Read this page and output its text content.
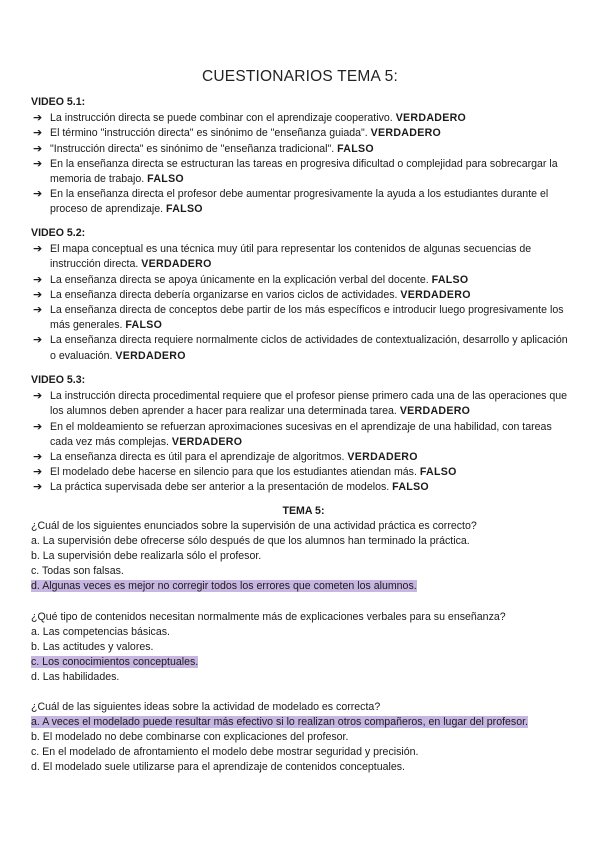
CUESTIONARIOS TEMA 5:
VIDEO 5.1:
➔ La instrucción directa se puede combinar con el aprendizaje cooperativo. VERDADERO
➔ El término "instrucción directa" es sinónimo de "enseñanza guiada". VERDADERO
➔ "Instrucción directa" es sinónimo de "enseñanza tradicional". FALSO
➔ En la enseñanza directa se estructuran las tareas en progresiva dificultad o complejidad para sobrecargar la memoria de trabajo. FALSO
➔ En la enseñanza directa el profesor debe aumentar progresivamente la ayuda a los estudiantes durante el proceso de aprendizaje. FALSO
VIDEO 5.2:
➔ El mapa conceptual es una técnica muy útil para representar los contenidos de algunas secuencias de instrucción directa. VERDADERO
➔ La enseñanza directa se apoya únicamente en la explicación verbal del docente. FALSO
➔ La enseñanza directa debería organizarse en varios ciclos de actividades. VERDADERO
➔ La enseñanza directa de conceptos debe partir de los más específicos e introducir luego progresivamente los más generales. FALSO
➔ La enseñanza directa requiere normalmente ciclos de actividades de contextualización, desarrollo y aplicación o evaluación. VERDADERO
VIDEO 5.3:
➔ La instrucción directa procedimental requiere que el profesor piense primero cada una de las operaciones que los alumnos deben aprender a hacer para realizar una determinada tarea. VERDADERO
➔ En el moldeamiento se refuerzan aproximaciones sucesivas en el aprendizaje de una habilidad, con tareas cada vez más complejas. VERDADERO
➔ La enseñanza directa es útil para el aprendizaje de algoritmos. VERDADERO
➔ El modelado debe hacerse en silencio para que los estudiantes atiendan más. FALSO
➔ La práctica supervisada debe ser anterior a la presentación de modelos. FALSO
TEMA 5:
¿Cuál de los siguientes enunciados sobre la supervisión de una actividad práctica es correcto?
a. La supervisión debe ofrecerse sólo después de que los alumnos han terminado la práctica.
b. La supervisión debe realizarla sólo el profesor.
c. Todas son falsas.
d. Algunas veces es mejor no corregir todos los errores que cometen los alumnos.
¿Qué tipo de contenidos necesitan normalmente más de explicaciones verbales para su enseñanza?
a. Las competencias básicas.
b. Las actitudes y valores.
c. Los conocimientos conceptuales.
d. Las habilidades.
¿Cuál de las siguientes ideas sobre la actividad de modelado es correcta?
a. A veces el modelado puede resultar más efectivo si lo realizan otros compañeros, en lugar del profesor.
b. El modelado no debe combinarse con explicaciones del profesor.
c. En el modelado de afrontamiento el modelo debe mostrar seguridad y precisión.
d. El modelado suele utilizarse para el aprendizaje de contenidos conceptuales.
